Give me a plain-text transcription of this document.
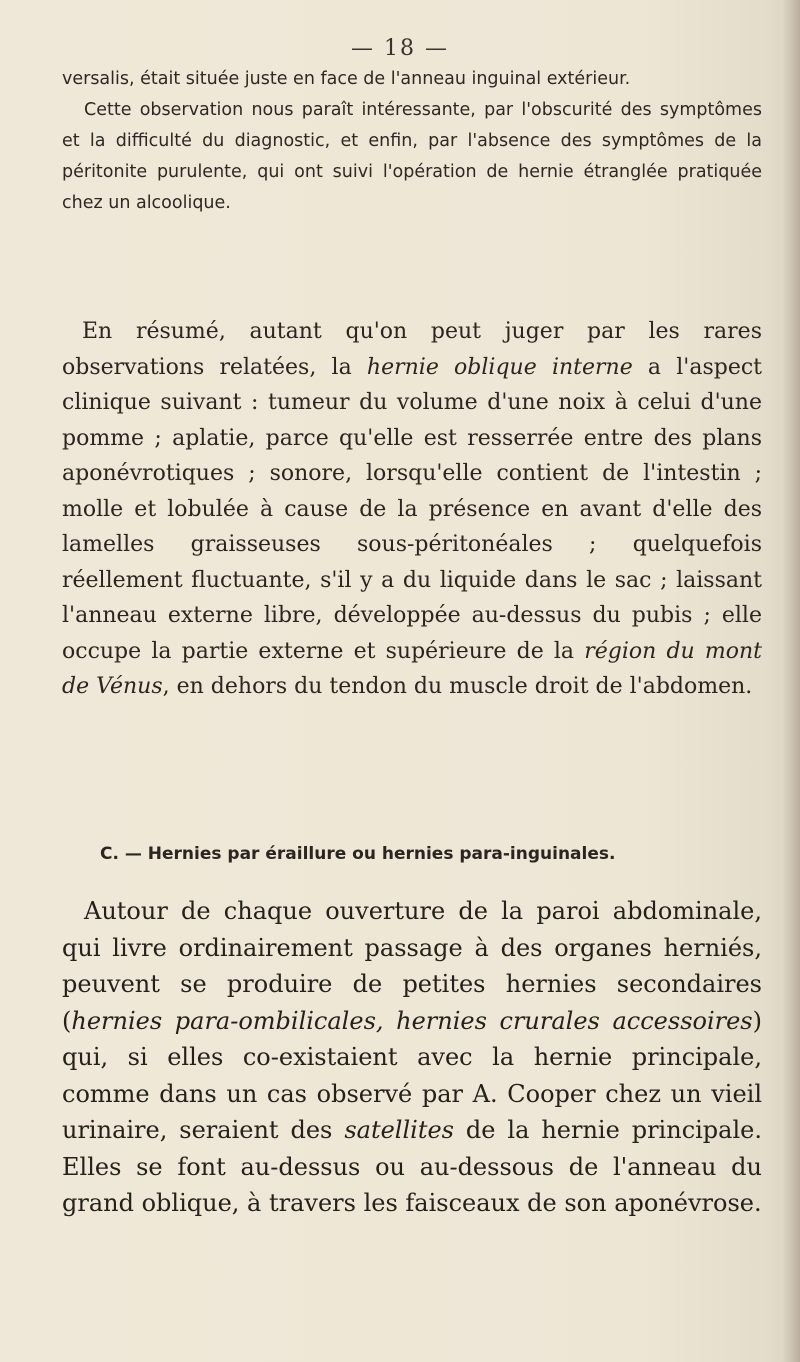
— 18 —

versalis, était située juste en face de l'anneau inguinal extérieur.

Cette observation nous paraît intéressante, par l'obscurité des symptômes et la difficulté du diagnostic, et enfin, par l'absence des symptômes de la péritonite purulente, qui ont suivi l'opération de hernie étranglée pratiquée chez un alcoolique.

En résumé, autant qu'on peut juger par les rares observations relatées, la hernie oblique interne a l'aspect clinique suivant : tumeur du volume d'une noix à celui d'une pomme ; aplatie, parce qu'elle est resserrée entre des plans aponévrotiques ; sonore, lorsqu'elle contient de l'intestin ; molle et lobulée à cause de la présence en avant d'elle des lamelles graisseuses sous-péritonéales ; quelquefois réellement fluctuante, s'il y a du liquide dans le sac ; laissant l'anneau externe libre, développée au-dessus du pubis ; elle occupe la partie externe et supérieure de la région du mont de Vénus, en dehors du tendon du muscle droit de l'abdomen.

C. — Hernies par éraillure ou hernies para-inguinales.

Autour de chaque ouverture de la paroi abdominale, qui livre ordinairement passage à des organes herniés, peuvent se produire de petites hernies secondaires (hernies para-ombilicales, hernies crurales accessoires) qui, si elles co-existaient avec la hernie principale, comme dans un cas observé par A. Cooper chez un vieil urinaire, seraient des satellites de la hernie principale. Elles se font au-dessus ou au-dessous de l'anneau du grand oblique, à travers les faisceaux de son aponévrose.
